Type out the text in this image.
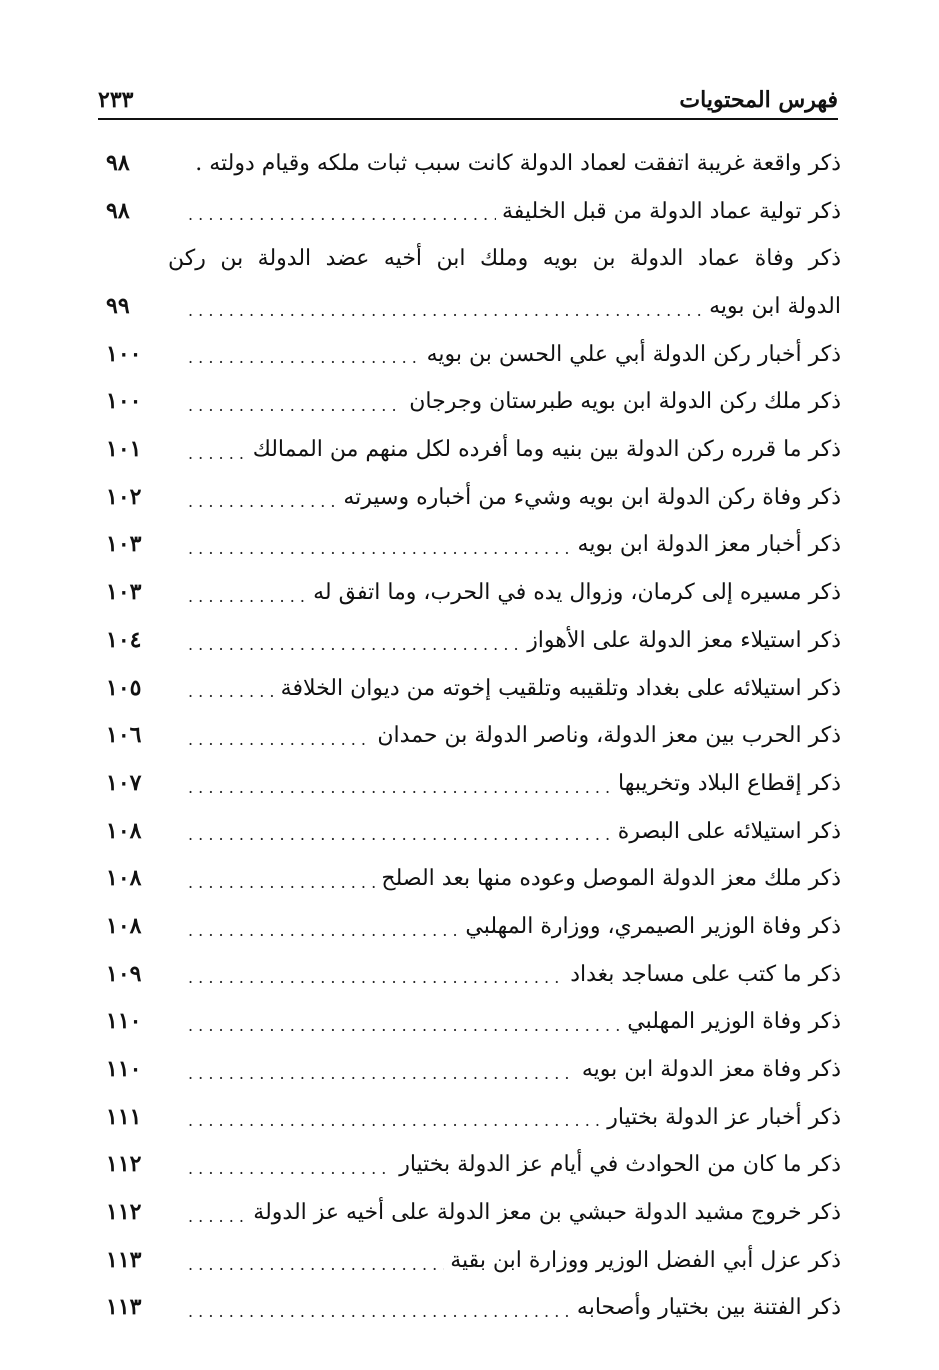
فهرس المحتويات
٢٣٣
ذكر واقعة غريبة اتفقت لعماد الدولة كانت سبب ثبات ملكه وقيام دولته .
٩٨
ذكر تولية عماد الدولة من قبل الخليفة
. . .
٩٨
ذكر وفاة عماد الدولة بن بويه وملك ابن أخيه عضد الدولة بن ركن
الدولة ابن بويه
. . .
٩٩
ذكر أخبار ركن الدولة أبي علي الحسن بن بويه
. . .
١٠٠
ذكر ملك ركن الدولة ابن بويه طبرستان وجرجان
. . .
١٠٠
ذكر ما قرره ركن الدولة بين بنيه وما أفرده لكل منهم من الممالك
. . .
١٠١
ذكر وفاة ركن الدولة ابن بويه وشيء من أخباره وسيرته
. . .
١٠٢
ذكر أخبار معز الدولة ابن بويه
. . .
١٠٣
ذكر مسيره إلى كرمان، وزوال يده في الحرب، وما اتفق له
. . .
١٠٣
ذكر استيلاء معز الدولة على الأهواز
. . .
١٠٤
ذكر استيلائه على بغداد وتلقيبه وتلقيب إخوته من ديوان الخلافة
. . .
١٠٥
ذكر الحرب بين معز الدولة، وناصر الدولة بن حمدان
. . .
١٠٦
ذكر إقطاع البلاد وتخريبها
. . .
١٠٧
ذكر استيلائه على البصرة
. . .
١٠٨
ذكر ملك معز الدولة الموصل وعوده منها بعد الصلح
. . .
١٠٨
ذكر وفاة الوزير الصيمري، ووزارة المهلبي
. . .
١٠٨
ذكر ما كتب على مساجد بغداد
. . .
١٠٩
ذكر وفاة الوزير المهلبي
. . .
١١٠
ذكر وفاة معز الدولة ابن بويه
. . .
١١٠
ذكر أخبار عز الدولة بختيار
. . .
١١١
ذكر ما كان من الحوادث في أيام عز الدولة بختيار
. . .
١١٢
ذكر خروج مشيد الدولة حبشي بن معز الدولة على أخيه عز الدولة
. . .
١١٢
ذكر عزل أبي الفضل الوزير ووزارة ابن بقية
. . .
١١٣
ذكر الفتنة بين بختيار وأصحابه
. . .
١١٣
